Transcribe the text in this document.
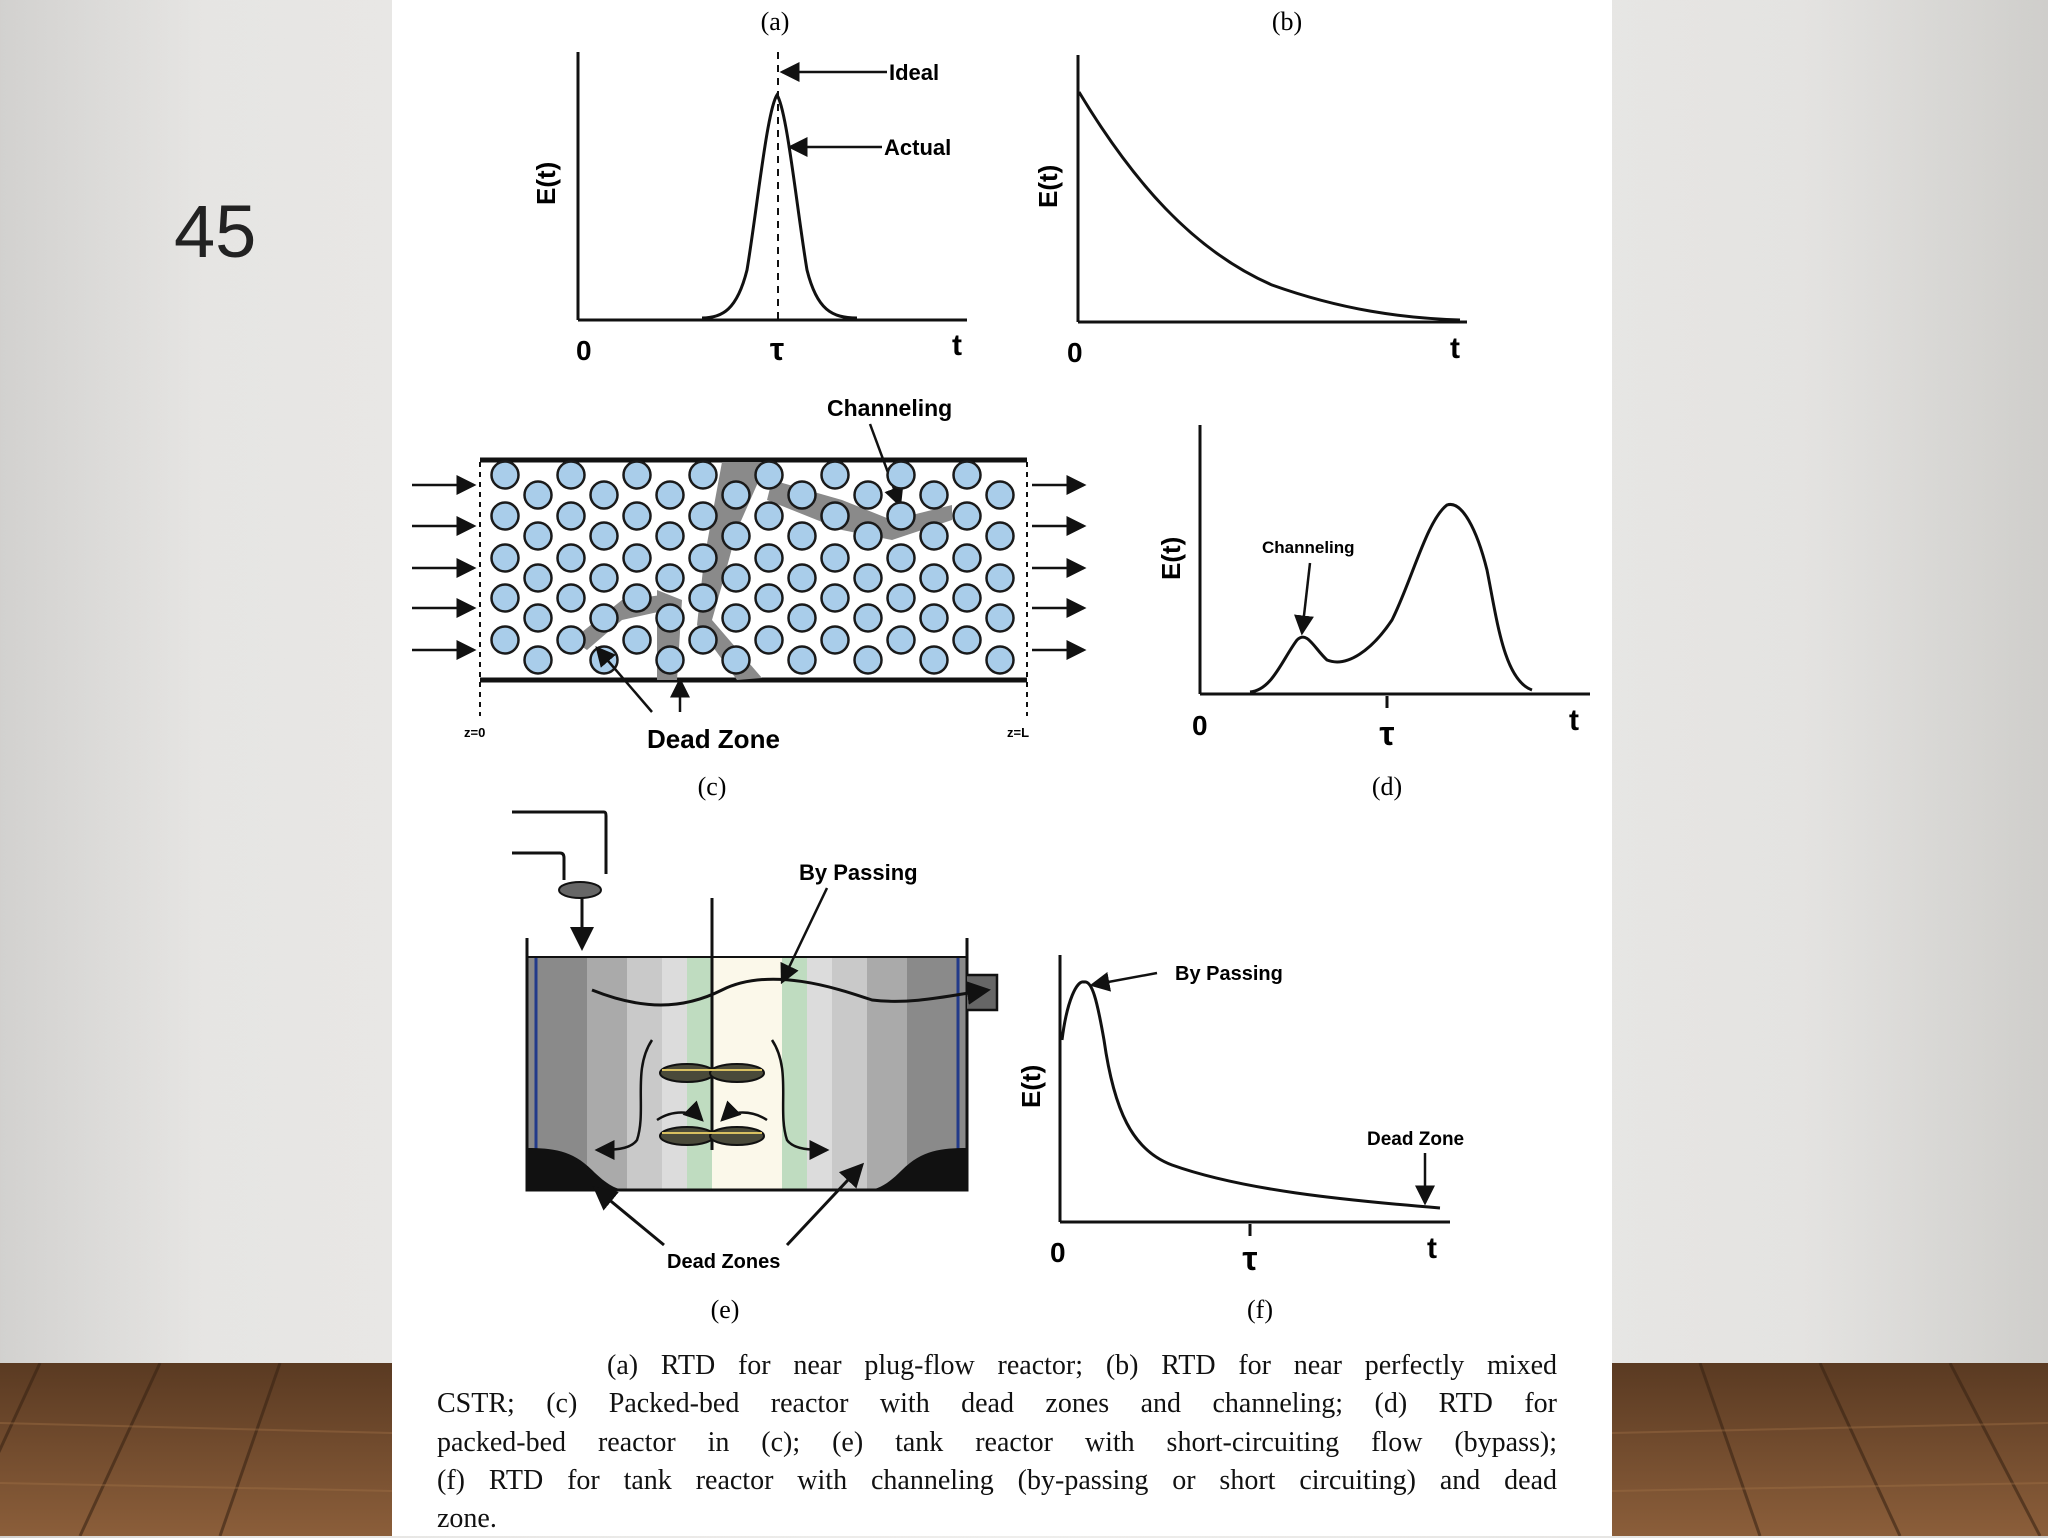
45
(a)
E(t)
0	τ	t
Ideal
Actual
(b)
E(t)
0	t
Channeling
Dead Zone
z=0	z=L
(c)
E(t)
0	τ	t
Channeling
(d)
By Passing
Dead Zones
(e)
E(t)
0	τ	t
By Passing
Dead Zone
(f)
(a) RTD for near plug-flow reactor; (b) RTD for near perfectly mixed
CSTR; (c) Packed-bed reactor with dead zones and channeling; (d) RTD for
packed-bed reactor in (c); (e) tank reactor with short-circuiting flow (bypass);
(f) RTD for tank reactor with channeling (by-passing or short circuiting) and dead
zone.
